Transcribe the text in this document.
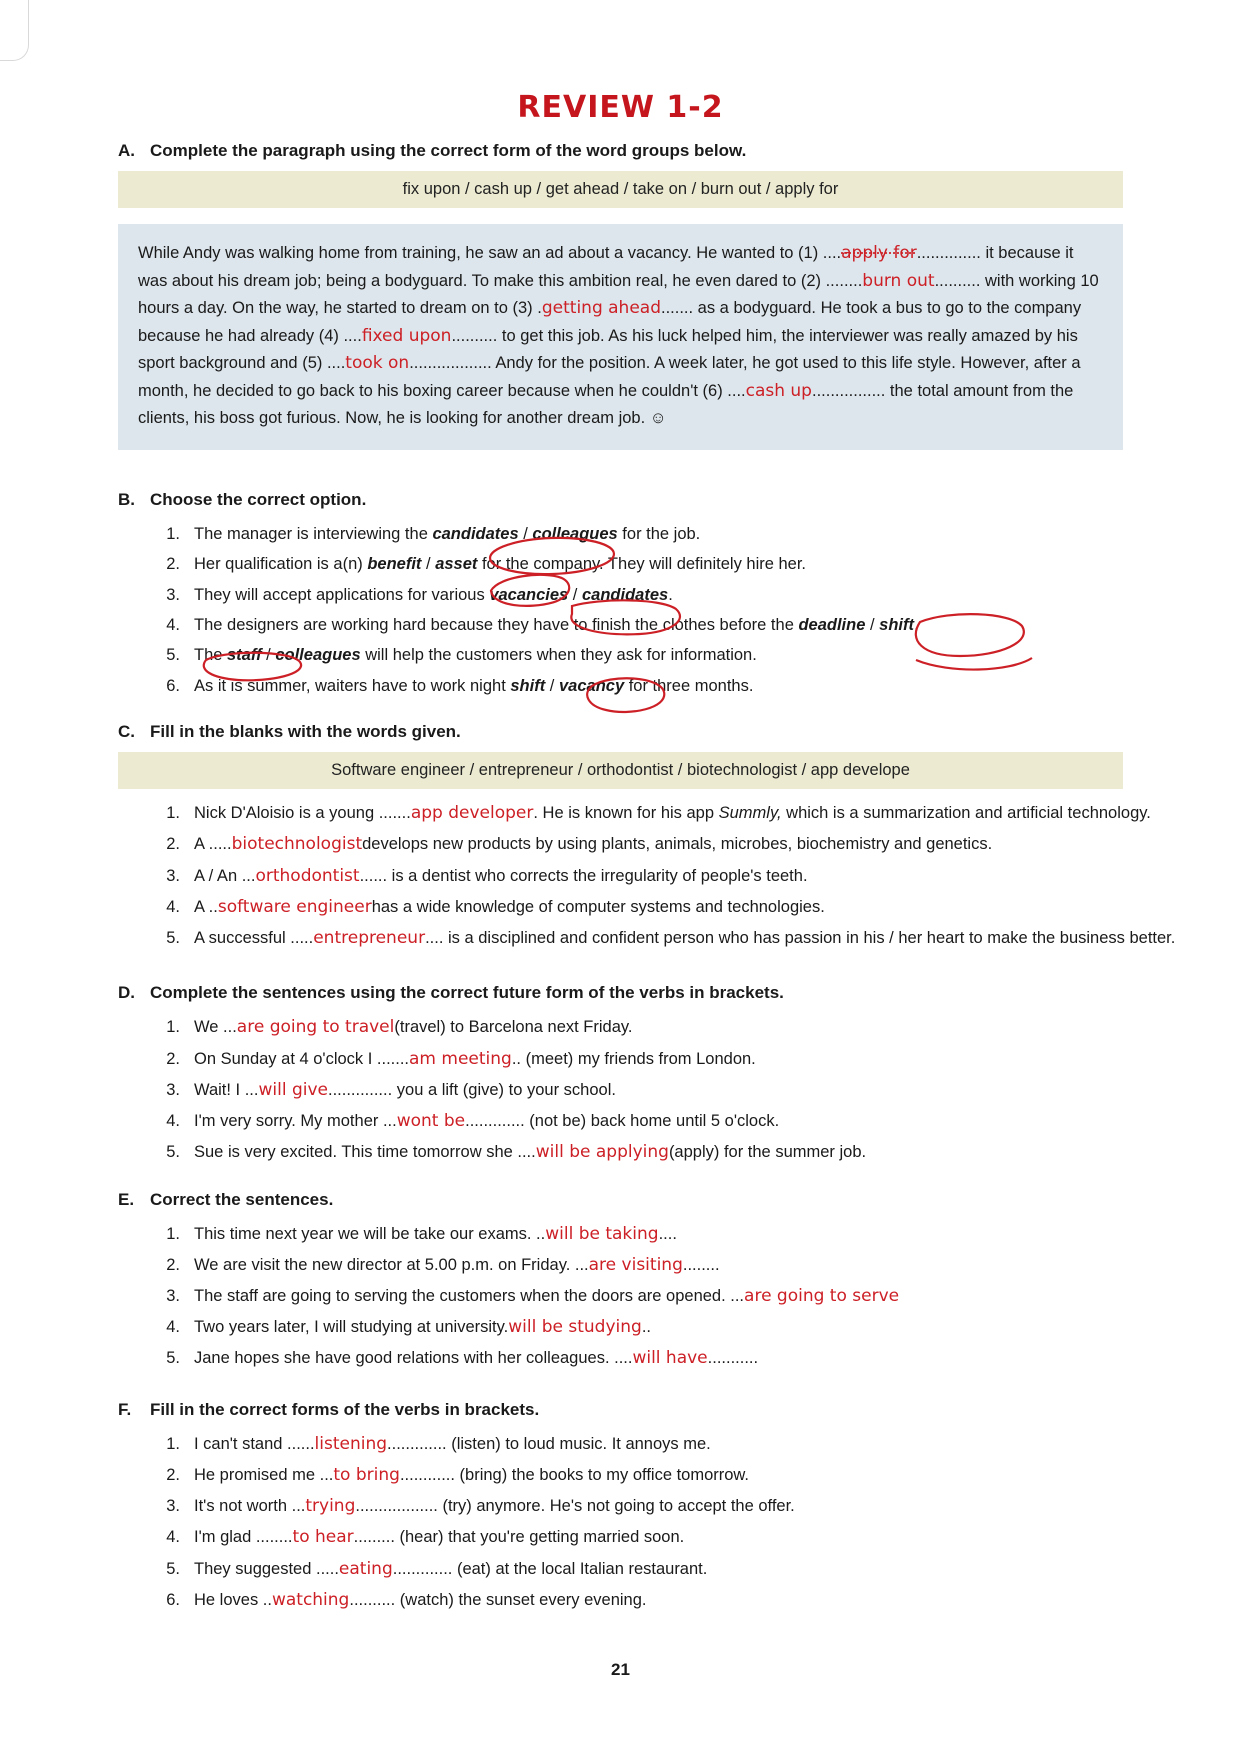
REVIEW 1-2
A. Complete the paragraph using the correct form of the word groups below.
fix upon / cash up / get ahead / take on / burn out / apply for
While Andy was walking home from training, he saw an ad about a vacancy. He wanted to (1) ....apply for.............. it because it was about his dream job; being a bodyguard. To make this ambition real, he even dared to (2) ........burn out.......... with working 10 hours a day. On the way, he started to dream on to (3) .getting ahead....... as a bodyguard. He took a bus to go to the company because he had already (4) ....fixed upon.......... to get this job. As his luck helped him, the interviewer was really amazed by his sport background and (5) ....took on.................. Andy for the position. A week later, he got used to this life style. However, after a month, he decided to go back to his boxing career because when he couldn't (6) ....cash up................ the total amount from the clients, his boss got furious. Now, he is looking for another dream job. ☺
B. Choose the correct option.
1. The manager is interviewing the candidates / colleagues for the job.
2. Her qualification is a(n) benefit / asset for the company. They will definitely hire her.
3. They will accept applications for various vacancies / candidates.
4. The designers are working hard because they have to finish the clothes before the deadline / shift.
5. The staff / colleagues will help the customers when they ask for information.
6. As it is summer, waiters have to work night shift / vacancy for three months.
C. Fill in the blanks with the words given.
Software engineer / entrepreneur / orthodontist / biotechnologist / app develope
1. Nick D'Aloisio is a young .......app developer. He is known for his app Summly, which is a summarization and artificial technology.
2. A .....biotechnologistdevelops new products by using plants, animals, microbes, biochemistry and genetics.
3. A / An ...orthodontist...... is a dentist who corrects the irregularity of people's teeth.
4. A ..software engineerhas a wide knowledge of computer systems and technologies.
5. A successful .....entrepreneur.... is a disciplined and confident person who has passion in his / her heart to make the business better.
D. Complete the sentences using the correct future form of the verbs in brackets.
1. We ...are going to travel(travel) to Barcelona next Friday.
2. On Sunday at 4 o'clock I .......am meeting.. (meet) my friends from London.
3. Wait! I ...will give.............. you a lift (give) to your school.
4. I'm very sorry. My mother ...wont be............. (not be) back home until 5 o'clock.
5. Sue is very excited. This time tomorrow she ....will be applying(apply) for the summer job.
E. Correct the sentences.
1. This time next year we will be take our exams. ..will be taking....
2. We are visit the new director at 5.00 p.m. on Friday. ...are visiting........
3. The staff are going to serving the customers when the doors are opened. ...are going to serve
4. Two years later, I will studying at university.will be studying..
5. Jane hopes she have good relations with her colleagues. ....will have...........
F.	Fill in the correct forms of the verbs in brackets.
1. I can't stand ......listening............. (listen) to loud music. It annoys me.
2. He promised me ...to bring............ (bring) the books to my office tomorrow.
3. It's not worth ...trying.................. (try) anymore. He's not going to accept the offer.
4. I'm glad ........to hear......... (hear) that you're getting married soon.
5. They suggested .....eating............. (eat) at the local Italian restaurant.
6. He loves ..watching.......... (watch) the sunset every evening.
21
